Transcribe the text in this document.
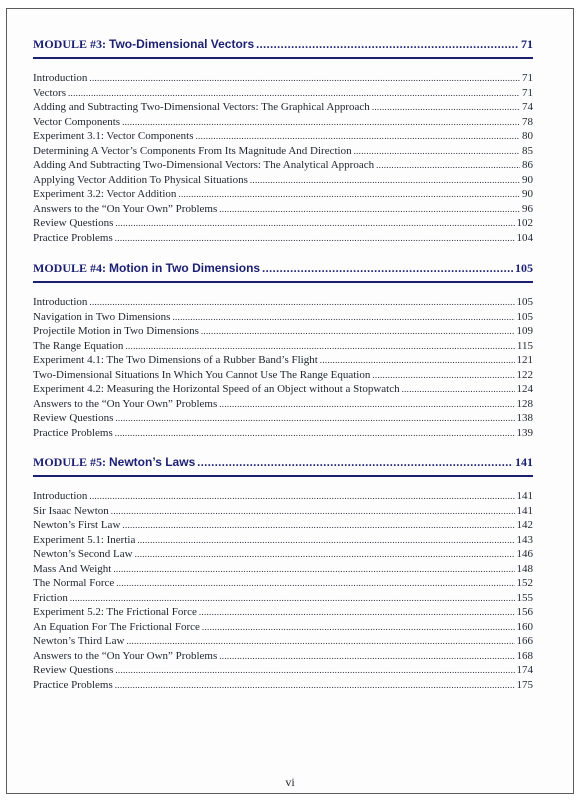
MODULE #3: Two-Dimensional Vectors .....	71
Introduction .....	71
Vectors .....	71
Adding and Subtracting Two-Dimensional Vectors: The Graphical Approach .....	74
Vector Components .....	78
Experiment 3.1: Vector Components .....	80
Determining A Vector’s Components From Its Magnitude And Direction .....	85
Adding And Subtracting Two-Dimensional Vectors: The Analytical Approach .....	86
Applying Vector Addition To Physical Situations .....	90
Experiment 3.2: Vector Addition .....	90
Answers to the “On Your Own” Problems .....	96
Review Questions .....	102
Practice Problems .....	104
MODULE #4: Motion in Two Dimensions .....	105
Introduction .....	105
Navigation in Two Dimensions .....	105
Projectile Motion in Two Dimensions .....	109
The Range Equation .....	115
Experiment 4.1: The Two Dimensions of a Rubber Band’s Flight .....	121
Two-Dimensional Situations In Which You Cannot Use The Range Equation .....	122
Experiment 4.2: Measuring the Horizontal Speed of an Object without a Stopwatch .....	124
Answers to the “On Your Own” Problems .....	128
Review Questions .....	138
Practice Problems .....	139
MODULE #5: Newton’s Laws .....	141
Introduction .....	141
Sir Isaac Newton .....	141
Newton’s First Law .....	142
Experiment 5.1: Inertia .....	143
Newton’s Second Law .....	146
Mass And Weight .....	148
The Normal Force .....	152
Friction .....	155
Experiment 5.2: The Frictional Force .....	156
An Equation For The Frictional Force .....	160
Newton’s Third Law .....	166
Answers to the “On Your Own” Problems .....	168
Review Questions .....	174
Practice Problems .....	175
vi
